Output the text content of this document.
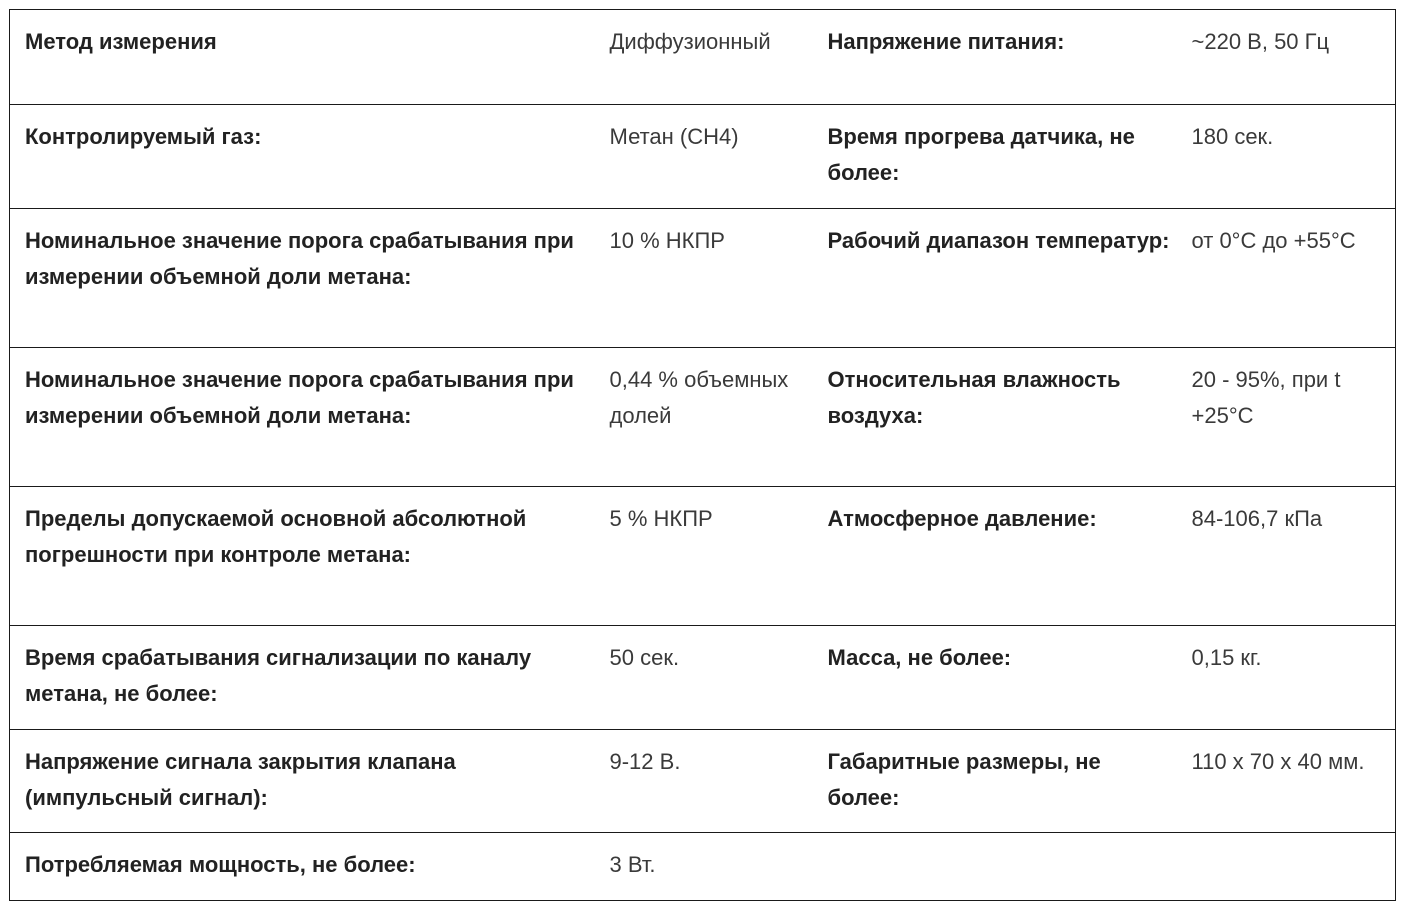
Метод измерения	Диффузионный	Напряжение питания:	~220 В, 50 Гц
Контролируемый газ:	Метан (CH4)	Время прогрева датчика, не более:	180 сек.
Номинальное значение порога срабатывания при измерении объемной доли метана:	10 % НКПР	Рабочий диапазон температур:	от 0°С до +55°С
Номинальное значение порога срабатывания при измерении объемной доли метана:	0,44 % объемных долей	Относительная влажность воздуха:	20 - 95%, при t +25°С
Пределы допускаемой основной абсолютной погрешности при контроле метана:	5 % НКПР	Атмосферное давление:	84-106,7 кПа
Время срабатывания сигнализации по каналу метана, не более:	50 сек.	Масса, не более:	0,15 кг.
Напряжение сигнала закрытия клапана (импульсный сигнал):	9-12 В.	Габаритные размеры, не более:	110 х 70 х 40 мм.
Потребляемая мощность, не более:	3 Вт.		
